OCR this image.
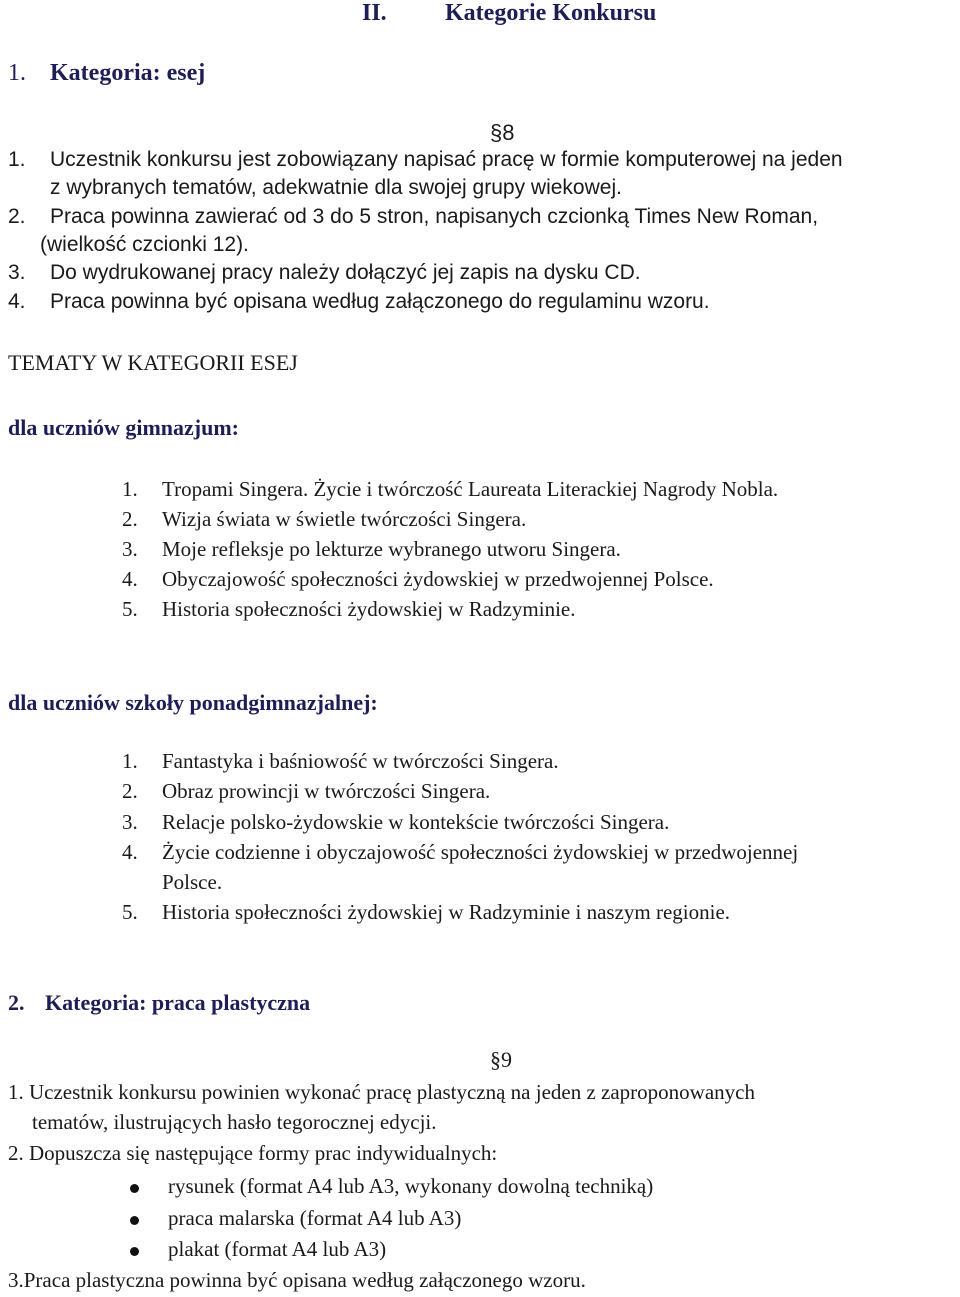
II. Kategorie Konkursu
1. Kategoria: esej
§8
1. Uczestnik konkursu jest zobowiązany napisać pracę w formie komputerowej na jeden
z wybranych tematów, adekwatnie dla swojej grupy wiekowej.
2. Praca powinna zawierać od 3 do 5 stron, napisanych czcionką Times New Roman,
(wielkość czcionki 12).
3. Do wydrukowanej pracy należy dołączyć jej zapis na dysku CD.
4. Praca powinna być opisana według załączonego do regulaminu wzoru.
TEMATY W KATEGORII ESEJ
dla uczniów gimnazjum:
1. Tropami Singera. Życie i twórczość Laureata Literackiej Nagrody Nobla.
2. Wizja świata w świetle twórczości Singera.
3. Moje refleksje po lekturze wybranego utworu Singera.
4. Obyczajowość społeczności żydowskiej w przedwojennej Polsce.
5. Historia społeczności żydowskiej w Radzyminie.
dla uczniów szkoły ponadgimnazjalnej:
1. Fantastyka i baśniowość w twórczości Singera.
2. Obraz prowincji w twórczości Singera.
3. Relacje polsko-żydowskie w kontekście twórczości Singera.
4. Życie codzienne i obyczajowość społeczności żydowskiej w przedwojennej
Polsce.
5. Historia społeczności żydowskiej w Radzyminie i naszym regionie.
2. Kategoria: praca plastyczna
§9
1. Uczestnik konkursu powinien wykonać pracę plastyczną na jeden z zaproponowanych
tematów, ilustrujących hasło tegorocznej edycji.
2. Dopuszcza się następujące formy prac indywidualnych:
rysunek (format A4 lub A3, wykonany dowolną techniką)
praca malarska (format A4 lub A3)
plakat (format A4 lub A3)
3.Praca plastyczna powinna być opisana według załączonego wzoru.
